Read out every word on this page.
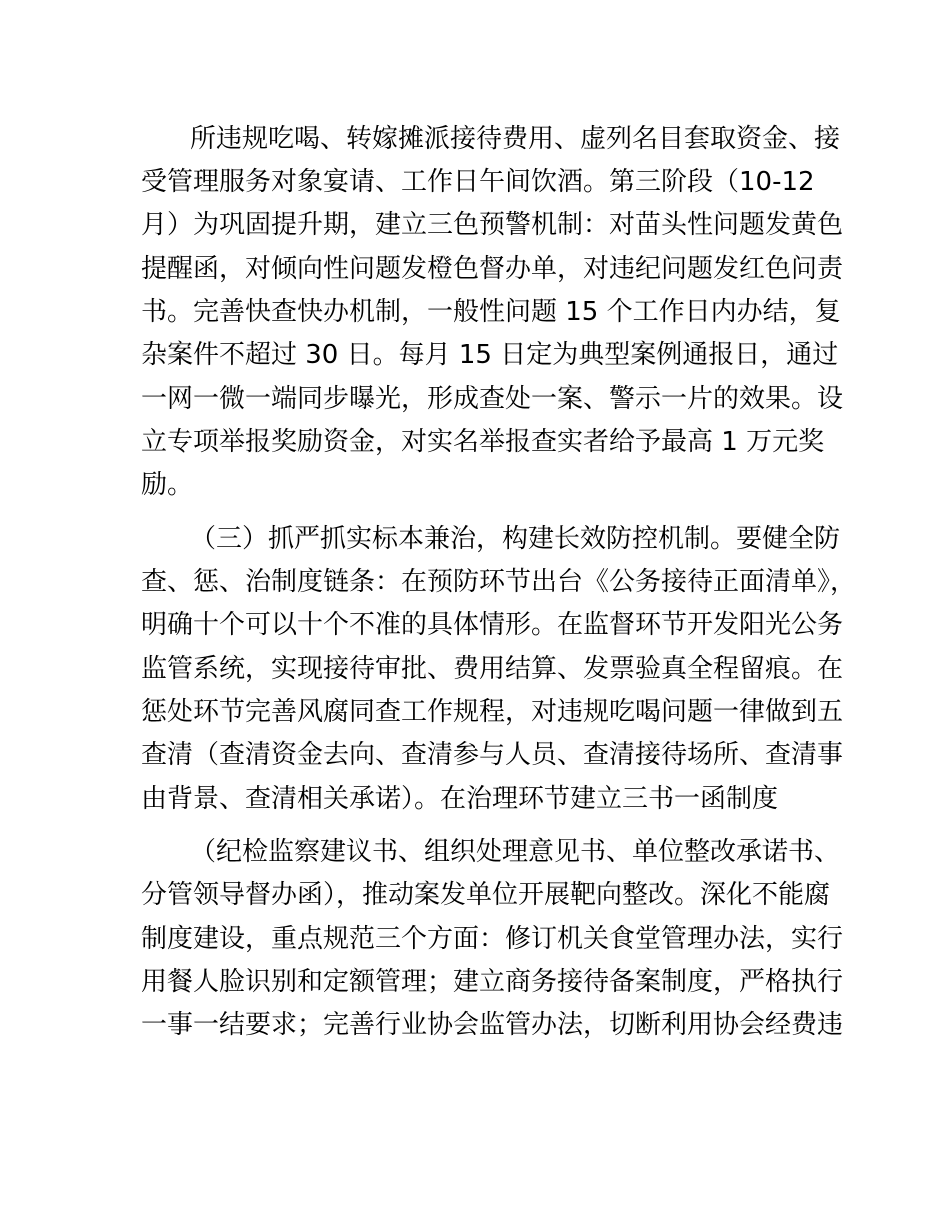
所违规吃喝、转嫁摊派接待费用、虚列名目套取资金、接
受管理服务对象宴请、工作日午间饮酒。第三阶段（10-12
月）为巩固提升期，建立三色预警机制：对苗头性问题发黄色
提醒函，对倾向性问题发橙色督办单，对违纪问题发红色问责
书。完善快查快办机制，一般性问题 15 个工作日内办结，复
杂案件不超过 30 日。每月 15 日定为典型案例通报日，通过
一网一微一端同步曝光，形成查处一案、警示一片的效果。设
立专项举报奖励资金，对实名举报查实者给予最高 1 万元奖
励。
（三）抓严抓实标本兼治，构建长效防控机制。要健全防
查、惩、治制度链条：在预防环节出台《公务接待正面清单》，
明确十个可以十个不准的具体情形。在监督环节开发阳光公务
监管系统，实现接待审批、费用结算、发票验真全程留痕。在
惩处环节完善风腐同查工作规程，对违规吃喝问题一律做到五
查清（查清资金去向、查清参与人员、查清接待场所、查清事
由背景、查清相关承诺）。在治理环节建立三书一函制度
（纪检监察建议书、组织处理意见书、单位整改承诺书、
分管领导督办函），推动案发单位开展靶向整改。深化不能腐
制度建设，重点规范三个方面：修订机关食堂管理办法，实行
用餐人脸识别和定额管理；建立商务接待备案制度，严格执行
一事一结要求；完善行业协会监管办法，切断利用协会经费违
